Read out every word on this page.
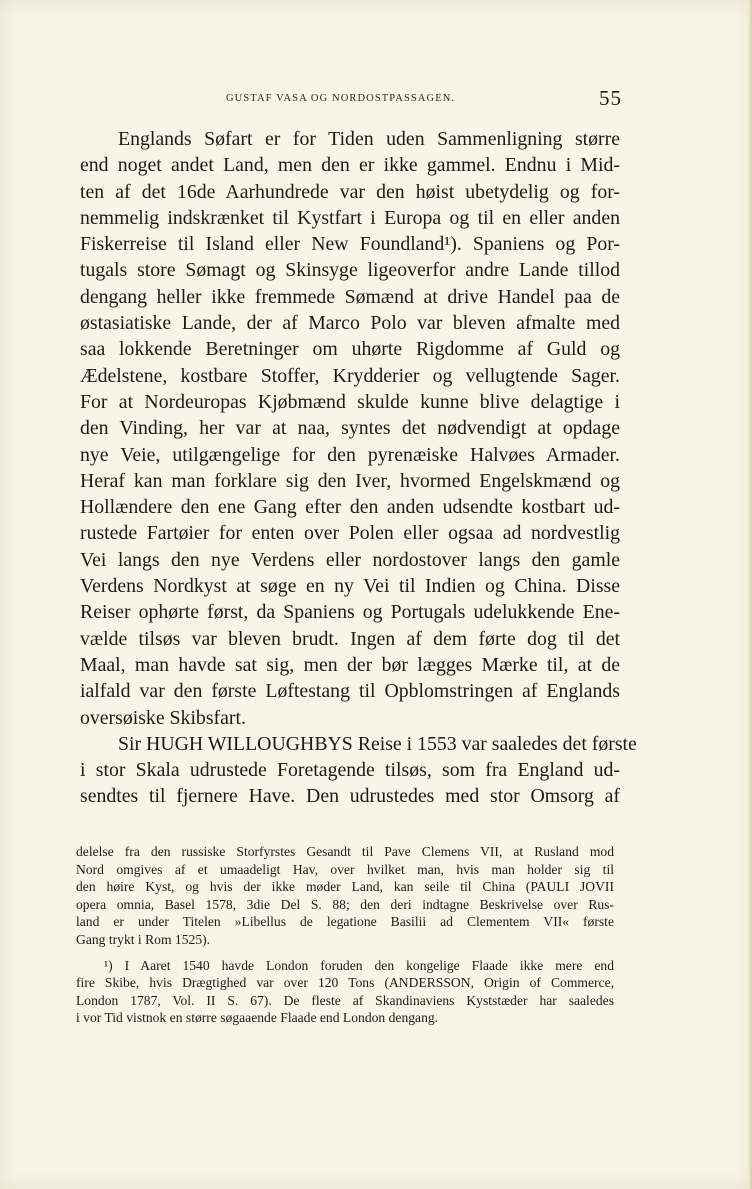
GUSTAF VASA OG NORDOSTPASSAGEN.	55
Englands Søfart er for Tiden uden Sammenligning større
end noget andet Land, men den er ikke gammel. Endnu i Mid-
ten af det 16de Aarhundrede var den høist ubetydelig og for-
nemmelig indskrænket til Kystfart i Europa og til en eller anden
Fiskerreise til Island eller New Foundland¹). Spaniens og Por-
tugals store Sømagt og Skinsyge ligeoverfor andre Lande tillod
dengang heller ikke fremmede Sømænd at drive Handel paa de
østasiatiske Lande, der af Marco Polo var bleven afmalte med
saa lokkende Beretninger om uhørte Rigdomme af Guld og
Ædelstene, kostbare Stoffer, Krydderier og vellugtende Sager.
For at Nordeuropas Kjøbmænd skulde kunne blive delagtige i
den Vinding, her var at naa, syntes det nødvendigt at opdage
nye Veie, utilgængelige for den pyrenæiske Halvøes Armader.
Heraf kan man forklare sig den Iver, hvormed Engelskmænd og
Hollændere den ene Gang efter den anden udsendte kostbart ud-
rustede Fartøier for enten over Polen eller ogsaa ad nordvestlig
Vei langs den nye Verdens eller nordostover langs den gamle
Verdens Nordkyst at søge en ny Vei til Indien og China. Disse
Reiser ophørte først, da Spaniens og Portugals udelukkende Ene-
vælde tilsøs var bleven brudt. Ingen af dem førte dog til det
Maal, man havde sat sig, men der bør lægges Mærke til, at de
ialfald var den første Løftestang til Opblomstringen af Englands
oversøiske Skibsfart.
Sir HUGH WILLOUGHBYS Reise i 1553 var saaledes det første
i stor Skala udrustede Foretagende tilsøs, som fra England ud-
sendtes til fjernere Have. Den udrustedes med stor Omsorg af
delelse fra den russiske Storfyrstes Gesandt til Pave Clemens VII, at Rusland mod
Nord omgives af et umaadeligt Hav, over hvilket man, hvis man holder sig til
den høire Kyst, og hvis der ikke møder Land, kan seile til China (PAULI JOVII
opera omnia, Basel 1578, 3die Del S. 88; den deri indtagne Beskrivelse over Rus-
land er under Titelen »Libellus de legatione Basilii ad Clementem VII« første
Gang trykt i Rom 1525).
¹) I Aaret 1540 havde London foruden den kongelige Flaade ikke mere end
fire Skibe, hvis Drægtighed var over 120 Tons (ANDERSSON, Origin of Commerce,
London 1787, Vol. II S. 67). De fleste af Skandinaviens Kyststæder har saaledes
i vor Tid vistnok en større søgaaende Flaade end London dengang.
